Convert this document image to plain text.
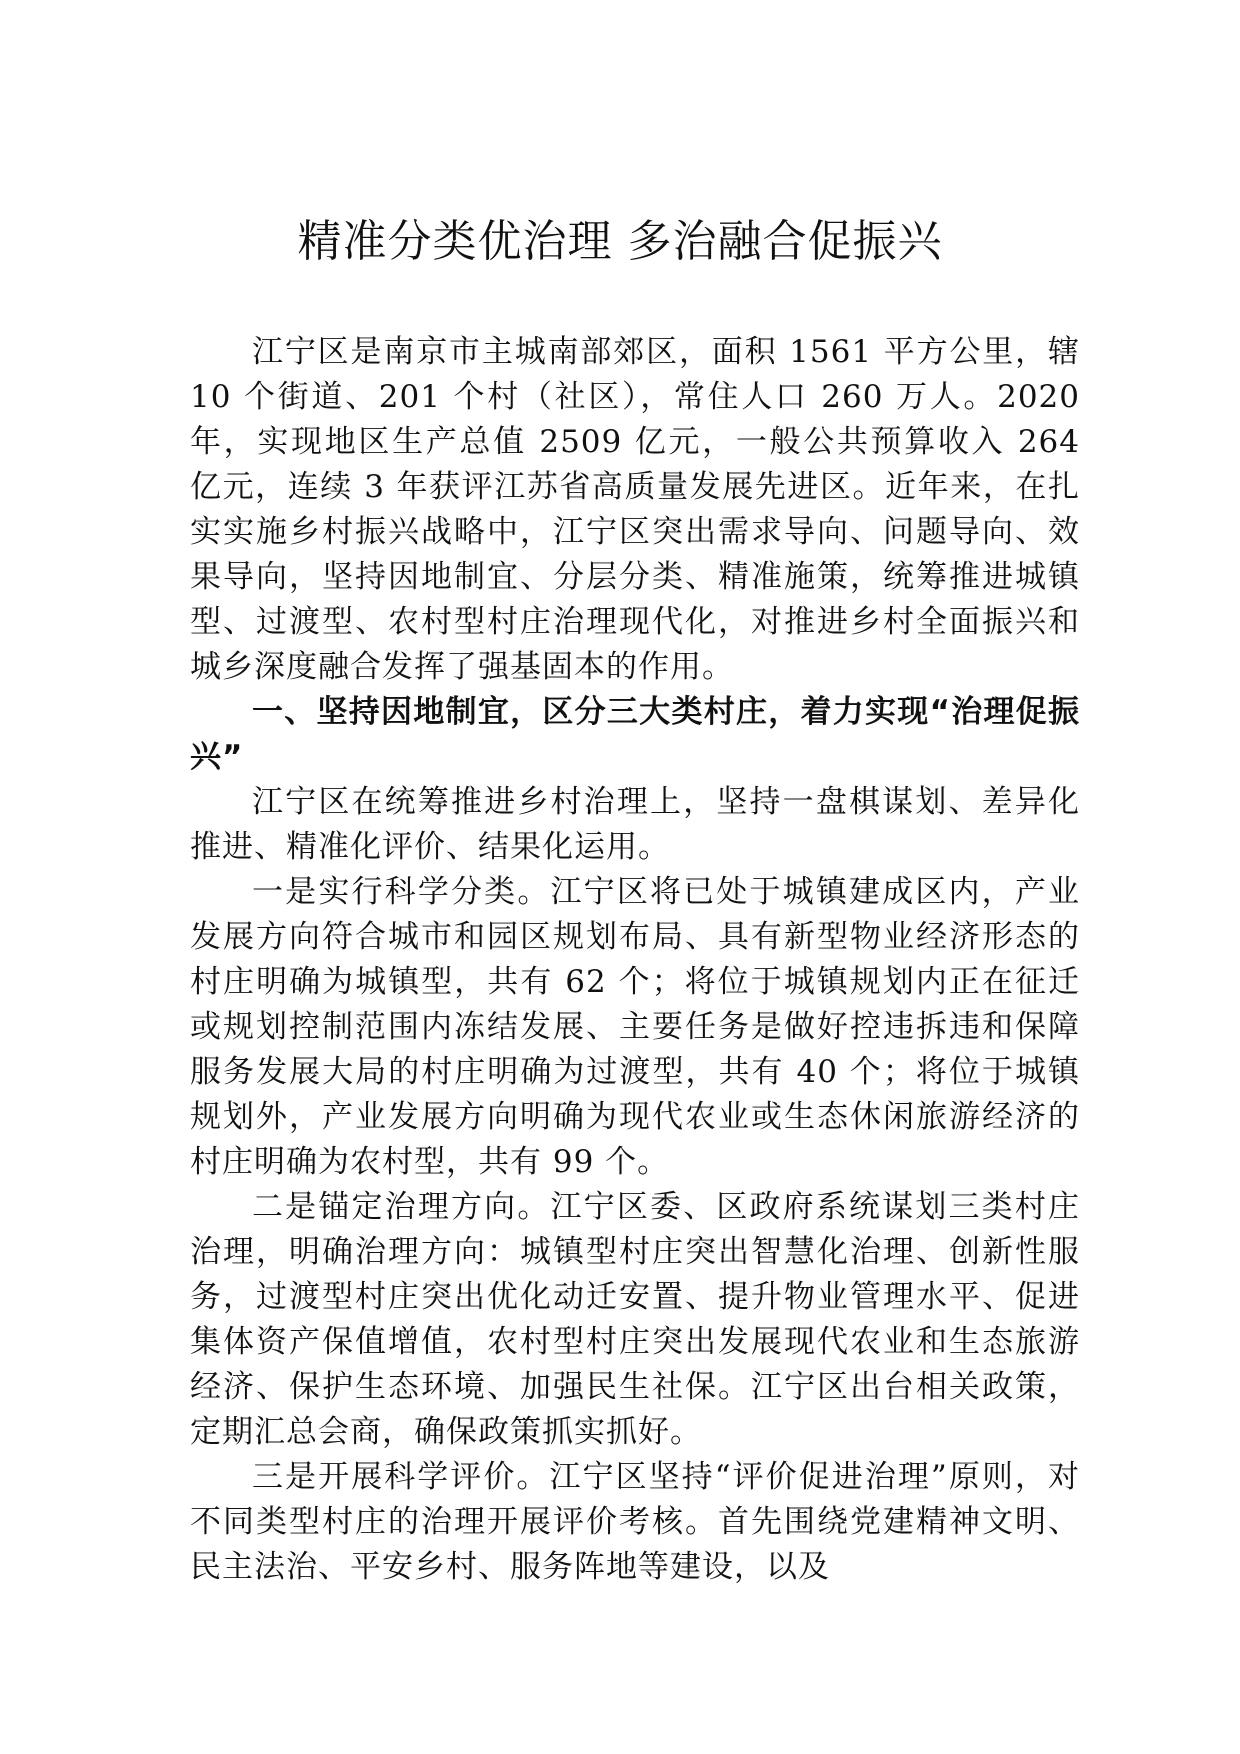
精准分类优治理 多治融合促振兴

江宁区是南京市主城南部郊区，面积 1561 平方公里，辖 10 个街道、201 个村（社区），常住人口 260 万人。2020 年，实现地区生产总值 2509 亿元，一般公共预算收入 264 亿元，连续 3 年获评江苏省高质量发展先进区。近年来，在扎实实施乡村振兴战略中，江宁区突出需求导向、问题导向、效果导向，坚持因地制宜、分层分类、精准施策，统筹推进城镇型、过渡型、农村型村庄治理现代化，对推进乡村全面振兴和城乡深度融合发挥了强基固本的作用。

一、坚持因地制宜，区分三大类村庄，着力实现“治理促振兴”

江宁区在统筹推进乡村治理上，坚持一盘棋谋划、差异化推进、精准化评价、结果化运用。

一是实行科学分类。江宁区将已处于城镇建成区内，产业发展方向符合城市和园区规划布局、具有新型物业经济形态的村庄明确为城镇型，共有 62 个；将位于城镇规划内正在征迁或规划控制范围内冻结发展、主要任务是做好控违拆违和保障服务发展大局的村庄明确为过渡型，共有 40 个；将位于城镇规划外，产业发展方向明确为现代农业或生态休闲旅游经济的村庄明确为农村型，共有 99 个。

二是锚定治理方向。江宁区委、区政府系统谋划三类村庄治理，明确治理方向：城镇型村庄突出智慧化治理、创新性服务，过渡型村庄突出优化动迁安置、提升物业管理水平、促进集体资产保值增值，农村型村庄突出发展现代农业和生态旅游经济、保护生态环境、加强民生社保。江宁区出台相关政策，定期汇总会商，确保政策抓实抓好。

三是开展科学评价。江宁区坚持“评价促进治理”原则，对不同类型村庄的治理开展评价考核。首先围绕党建精神文明、民主法治、平安乡村、服务阵地等建设，以及
